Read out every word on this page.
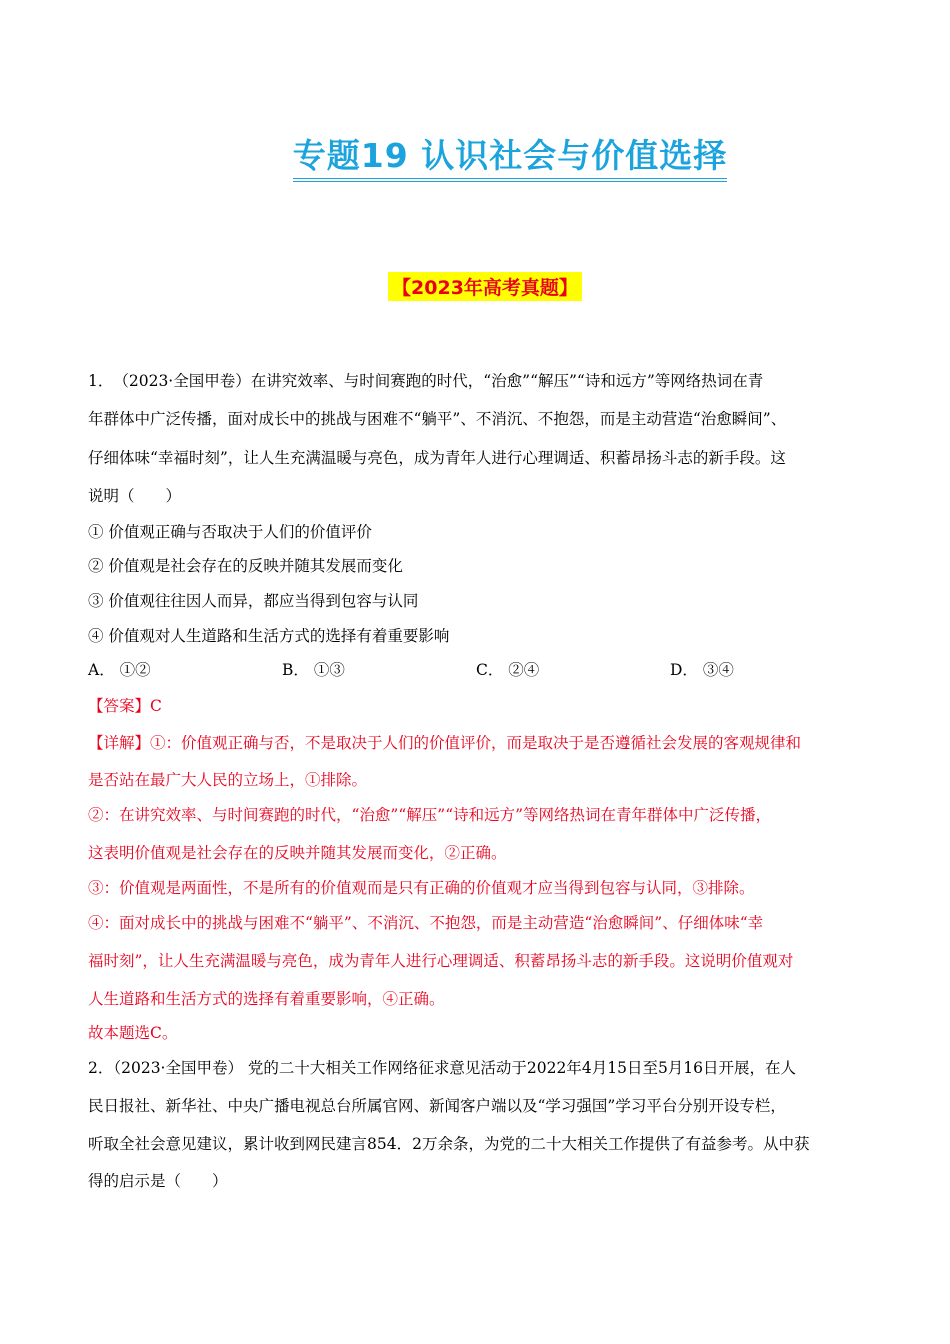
专题19 认识社会与价值选择
【2023年高考真题】
1．　（2023·全国甲卷）在讲究效率、与时间赛跑的时代，“治愈”“解压”“诗和远方”等网络热词在青
年群体中广泛传播，面对成长中的挑战与困难不“躺平”、不消沉、不抱怨，而是主动营造“治愈瞬间”、
仔细体味“幸福时刻”，让人生充满温暖与亮色，成为青年人进行心理调适、积蓄昂扬斗志的新手段。这
说明（　　）
① 价值观正确与否取决于人们的价值评价
② 价值观是社会存在的反映并随其发展而变化
③ 价值观往往因人而异，都应当得到包容与认同
④ 价值观对人生道路和生活方式的选择有着重要影响
A． ①②	B． ①③	C． ②④	D． ③④
【答案】C
【详解】①：价值观正确与否，不是取决于人们的价值评价，而是取决于是否遵循社会发展的客观规律和
是否站在最广大人民的立场上，①排除。
②：在讲究效率、与时间赛跑的时代，“治愈”“解压”“诗和远方”等网络热词在青年群体中广泛传播，
这表明价值观是社会存在的反映并随其发展而变化，②正确。
③：价值观是两面性，不是所有的价值观而是只有正确的价值观才应当得到包容与认同，③排除。
④：面对成长中的挑战与困难不“躺平”、不消沉、不抱怨，而是主动营造“治愈瞬间”、仔细体味“幸
福时刻”，让人生充满温暖与亮色，成为青年人进行心理调适、积蓄昂扬斗志的新手段。这说明价值观对
人生道路和生活方式的选择有着重要影响，④正确。
故本题选C。
2．（2023·全国甲卷） 党的二十大相关工作网络征求意见活动于2022年4月15日至5月16日开展，在人
民日报社、新华社、中央广播电视总台所属官网、新闻客户端以及“学习强国”学习平台分别开设专栏，
听取全社会意见建议，累计收到网民建言854．2万余条，为党的二十大相关工作提供了有益参考。从中获
得的启示是（　　）
